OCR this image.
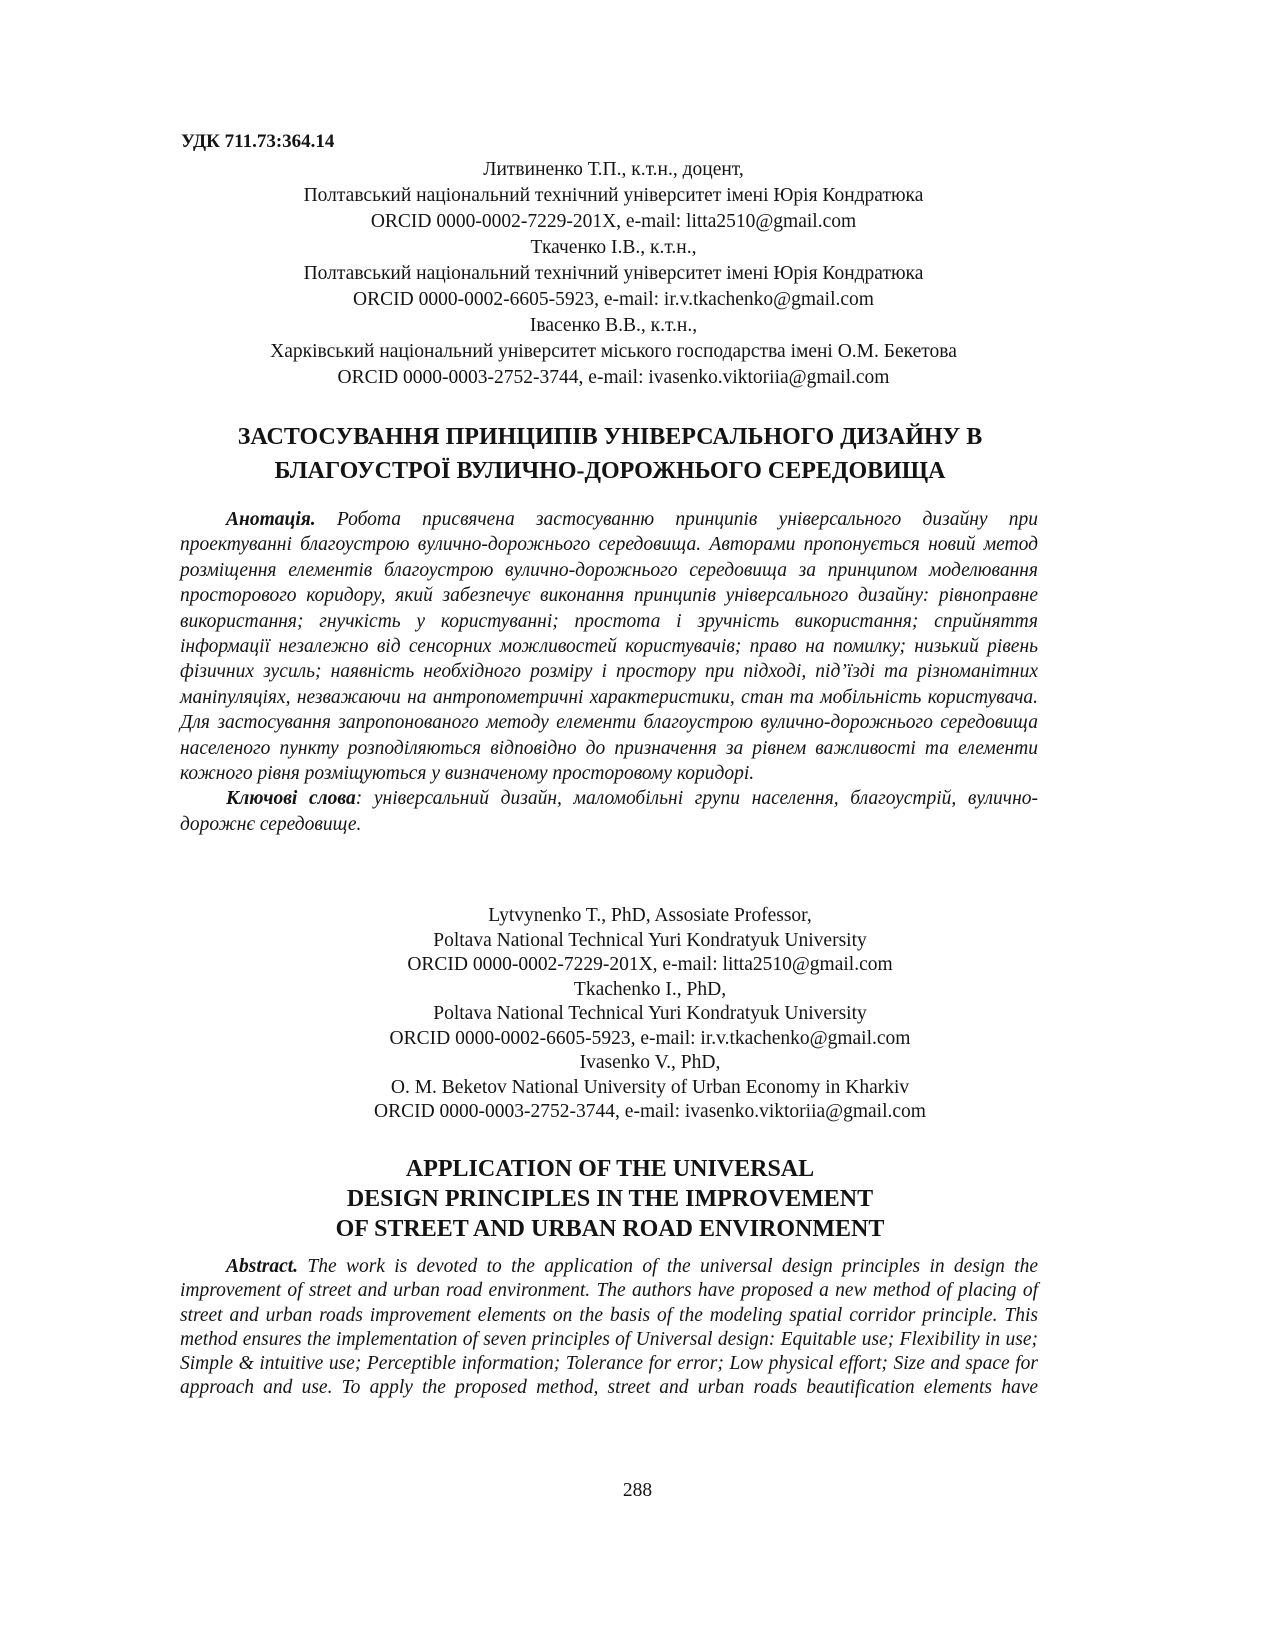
УДК 711.73:364.14
Литвиненко Т.П., к.т.н., доцент,
Полтавський національний технічний університет імені Юрія Кондратюка
ORCID 0000-0002-7229-201X, e-mail: litta2510@gmail.com
Ткаченко І.В., к.т.н.,
Полтавський національний технічний університет імені Юрія Кондратюка
ORCID 0000-0002-6605-5923, e-mail: ir.v.tkachenko@gmail.com
Івасенко В.В., к.т.н.,
Харківський національний університет міського господарства імені О.М. Бекетова
ORCID 0000-0003-2752-3744, e-mail: ivasenko.viktoriia@gmail.com
ЗАСТОСУВАННЯ ПРИНЦИПІВ УНІВЕРСАЛЬНОГО ДИЗАЙНУ В
БЛАГОУСТРОЇ ВУЛИЧНО-ДОРОЖНЬОГО СЕРЕДОВИЩА

Анотація. Робота присвячена застосуванню принципів універсального дизайну при проектуванні благоустрою вулично-дорожнього середовища. Авторами пропонується новий метод розміщення елементів благоустрою вулично-дорожнього середовища за принципом моделювання просторового коридору, який забезпечує виконання принципів універсального дизайну: рівноправне використання; гнучкість у користуванні; простота і зручність використання; сприйняття інформації незалежно від сенсорних можливостей користувачів; право на помилку; низький рівень фізичних зусиль; наявність необхідного розміру і простору при підході, під’їзді та різноманітних маніпуляціях, незважаючи на антропометричні характеристики, стан та мобільність користувача. Для застосування запропонованого методу елементи благоустрою вулично-дорожнього середовища населеного пункту розподіляються відповідно до призначення за рівнем важливості та елементи кожного рівня розміщуються у визначеному просторовому коридорі.

Ключові слова: універсальний дизайн, маломобільні групи населення, благоустрій, вулично-дорожнє середовище.

Lytvynenko T., PhD, Assosiate Professor,
Poltava National Technical Yuri Kondratyuk University
ORCID 0000-0002-7229-201X, e-mail: litta2510@gmail.com
Tkachenko I., PhD,
Poltava National Technical Yuri Kondratyuk University
ORCID 0000-0002-6605-5923, e-mail: ir.v.tkachenko@gmail.com
Ivasenko V., PhD,
O. M. Beketov National University of Urban Economy in Kharkiv
ORCID 0000-0003-2752-3744, e-mail: ivasenko.viktoriia@gmail.com
APPLICATION OF THE UNIVERSAL
DESIGN PRINCIPLES IN THE IMPROVEMENT
OF STREET AND URBAN ROAD ENVIRONMENT

Abstract. The work is devoted to the application of the universal design principles in design the improvement of street and urban road environment. The authors have proposed a new method of placing of street and urban roads improvement elements on the basis of the modeling spatial corridor principle. This method ensures the implementation of seven principles of Universal design: Equitable use; Flexibility in use; Simple & intuitive use; Perceptible information; Tolerance for error; Low physical effort; Size and space for approach and use. To apply the proposed method, street and urban roads beautification elements have

288
